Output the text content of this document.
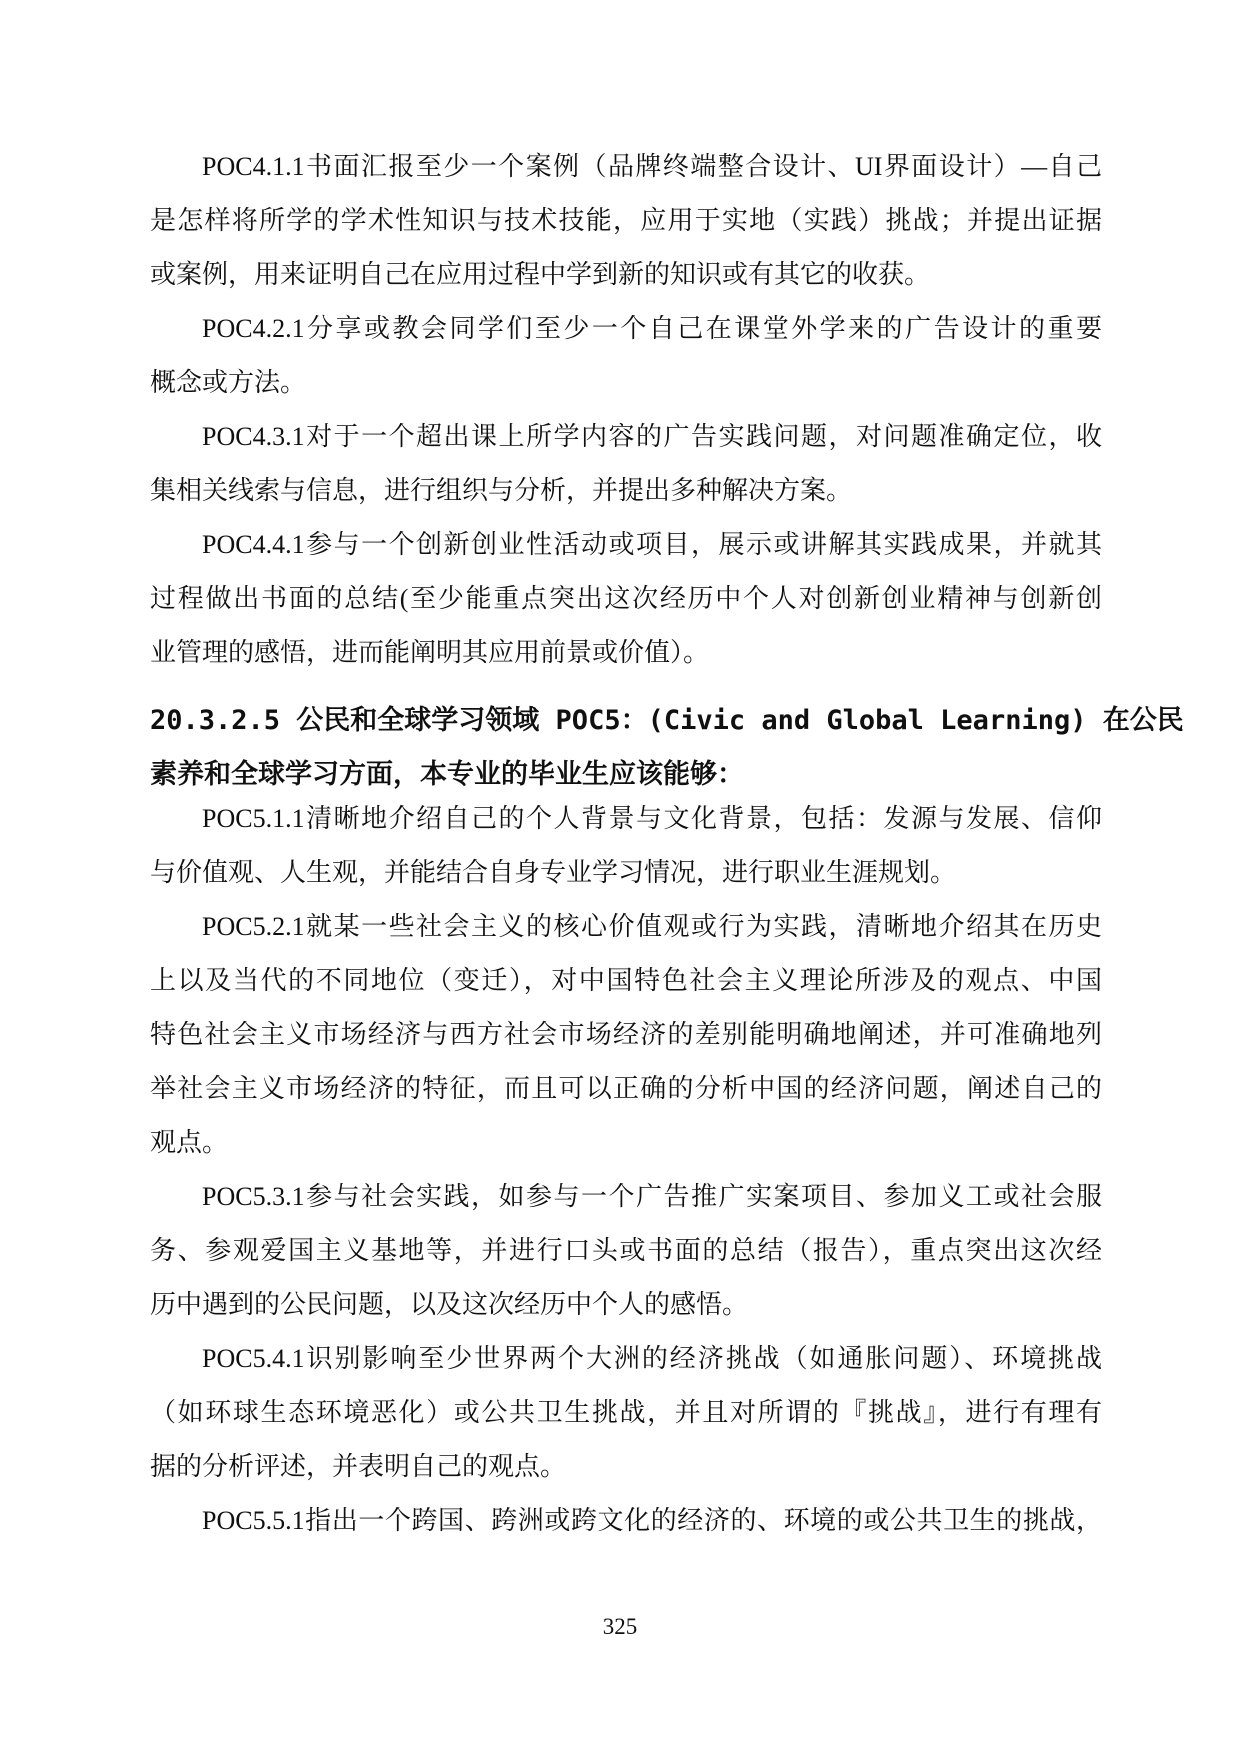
POC4.1.1书面汇报至少一个案例（品牌终端整合设计、UI界面设计）—自己
是怎样将所学的学术性知识与技术技能，应用于实地（实践）挑战；并提出证据
或案例，用来证明自己在应用过程中学到新的知识或有其它的收获。
POC4.2.1分享或教会同学们至少一个自己在课堂外学来的广告设计的重要
概念或方法。
POC4.3.1对于一个超出课上所学内容的广告实践问题，对问题准确定位，收
集相关线索与信息，进行组织与分析，并提出多种解决方案。
POC4.4.1参与一个创新创业性活动或项目，展示或讲解其实践成果，并就其
过程做出书面的总结(至少能重点突出这次经历中个人对创新创业精神与创新创
业管理的感悟，进而能阐明其应用前景或价值）。
20.3.2.5 公民和全球学习领域 POC5：(Civic and Global Learning) 在公民
素养和全球学习方面，本专业的毕业生应该能够：
POC5.1.1清晰地介绍自己的个人背景与文化背景，包括：发源与发展、信仰
与价值观、人生观，并能结合自身专业学习情况，进行职业生涯规划。
POC5.2.1就某一些社会主义的核心价值观或行为实践，清晰地介绍其在历史
上以及当代的不同地位（变迁），对中国特色社会主义理论所涉及的观点、中国
特色社会主义市场经济与西方社会市场经济的差别能明确地阐述，并可准确地列
举社会主义市场经济的特征，而且可以正确的分析中国的经济问题，阐述自己的
观点。
POC5.3.1参与社会实践，如参与一个广告推广实案项目、参加义工或社会服
务、参观爱国主义基地等，并进行口头或书面的总结（报告），重点突出这次经
历中遇到的公民问题，以及这次经历中个人的感悟。
POC5.4.1识别影响至少世界两个大洲的经济挑战（如通胀问题）、环境挑战
（如环球生态环境恶化）或公共卫生挑战，并且对所谓的『挑战』，进行有理有
据的分析评述，并表明自己的观点。
POC5.5.1指出一个跨国、跨洲或跨文化的经济的、环境的或公共卫生的挑战，
325
